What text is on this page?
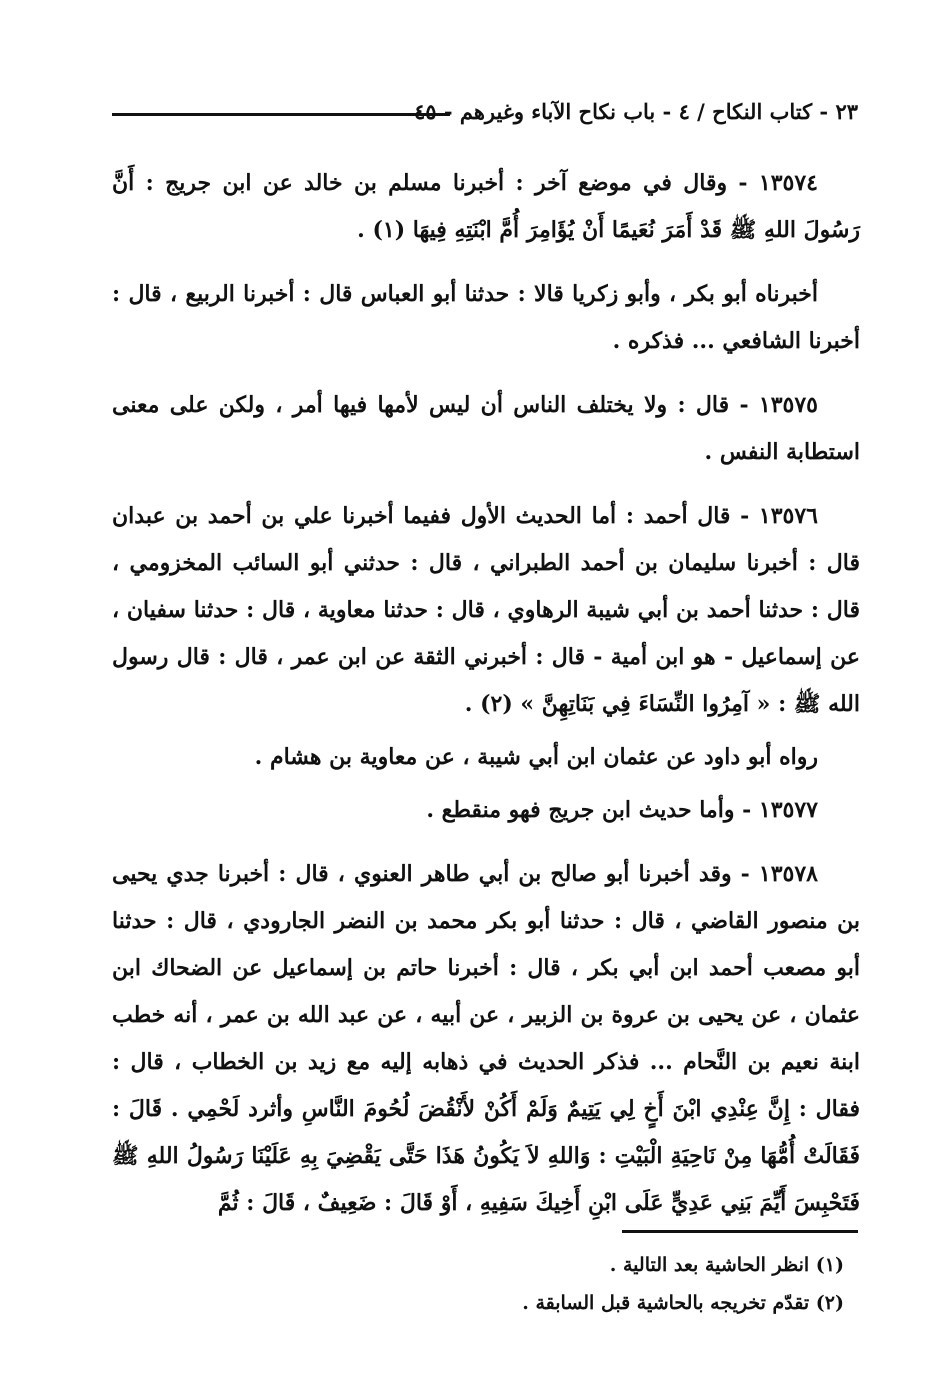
٢٣ - كتاب النكاح / ٤ - باب نكاح الآباء وغيرهم - ٤٥

١٣٥٧٤ - وقال في موضع آخر : أخبرنا مسلم بن خالد عن ابن جريج : أَنَّ رَسُولَ اللهِ ﷺ قَدْ أَمَرَ نُعَيمًا أَنْ يُؤَامِرَ أُمَّ ابْنَتِهِ فِيهَا (١) .

أخبرناه أبو بكر ، وأبو زكريا قالا : حدثنا أبو العباس قال : أخبرنا الربيع ، قال : أخبرنا الشافعي ... فذكره .

١٣٥٧٥ - قال : ولا يختلف الناس أن ليس لأمها فيها أمر ، ولكن على معنى استطابة النفس .

١٣٥٧٦ - قال أحمد : أما الحديث الأول ففيما أخبرنا علي بن أحمد بن عبدان قال : أخبرنا سليمان بن أحمد الطبراني ، قال : حدثني أبو السائب المخزومي ، قال : حدثنا أحمد بن أبي شيبة الرهاوي ، قال : حدثنا معاوية ، قال : حدثنا سفيان ، عن إسماعيل - هو ابن أمية - قال : أخبرني الثقة عن ابن عمر ، قال : قال رسول الله ﷺ : « آمِرُوا النِّسَاءَ فِي بَنَاتِهِنَّ » (٢) .

رواه أبو داود عن عثمان ابن أبي شيبة ، عن معاوية بن هشام .

١٣٥٧٧ - وأما حديث ابن جريج فهو منقطع .

١٣٥٧٨ - وقد أخبرنا أبو صالح بن أبي طاهر العنوي ، قال : أخبرنا جدي يحيى بن منصور القاضي ، قال : حدثنا أبو بكر محمد بن النضر الجارودي ، قال : حدثنا أبو مصعب أحمد ابن أبي بكر ، قال : أخبرنا حاتم بن إسماعيل عن الضحاك ابن عثمان ، عن يحيى بن عروة بن الزبير ، عن أبيه ، عن عبد الله بن عمر ، أنه خطب ابنة نعيم بن النَّحام ... فذكر الحديث في ذهابه إليه مع زيد بن الخطاب ، قال : فقال : إِنَّ عِنْدِي ابْنَ أَخٍ لِي يَتِيمٌ وَلَمْ أَكُنْ لأَنْقُضَ لُحُومَ النَّاسِ وأثرد لَحْمِي . قَالَ : فَقَالَتْ أُمُّهَا مِنْ نَاحِيَةِ الْبَيْتِ : وَاللهِ لاَ يَكُونُ هَذَا حَتَّى يَقْضِيَ بِهِ عَلَيْنَا رَسُولُ اللهِ ﷺ فَتَحْبِسَ أَيِّمَ بَنِي عَدِيٍّ عَلَى ابْنِ أَخِيكَ سَفِيهِ ، أَوْ قَالَ : ضَعِيفٌ ، قَالَ : ثُمَّ

(١) انظر الحاشية بعد التالية .

(٢) تقدّم تخريجه بالحاشية قبل السابقة .
